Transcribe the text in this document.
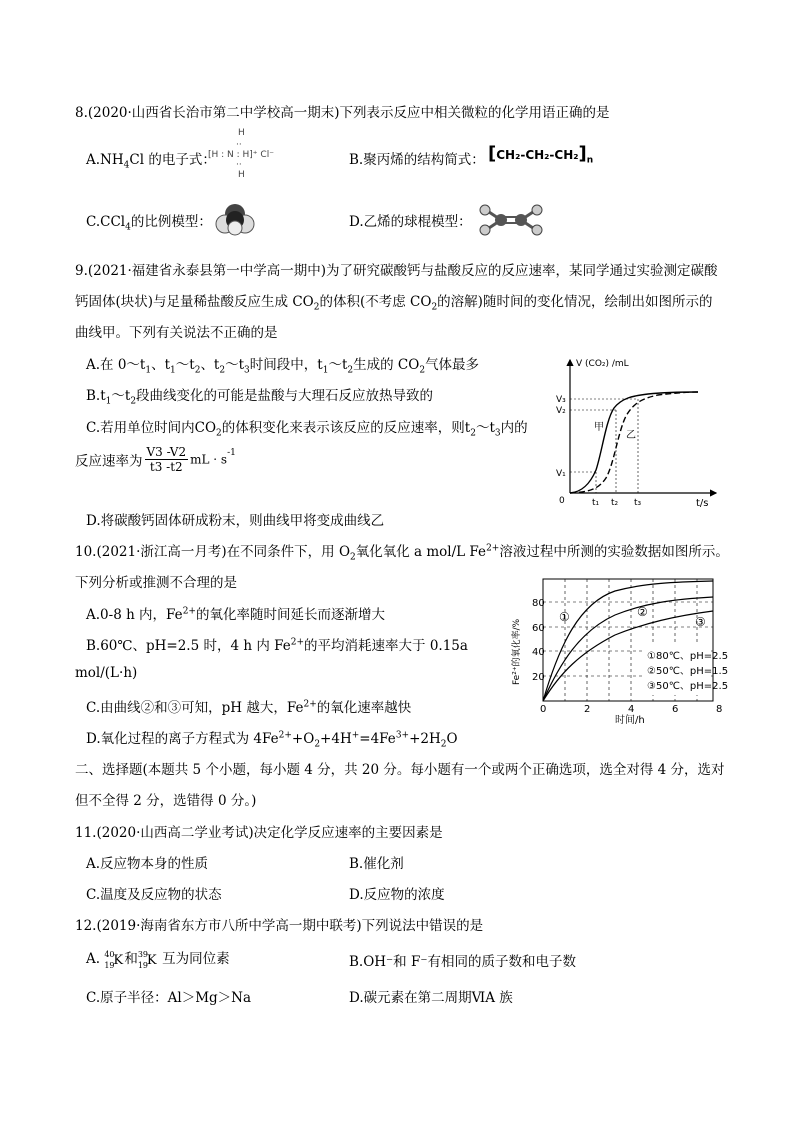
8.(2020·山西省长治市第二中学校高一期末)下列表示反应中相关微粒的化学用语正确的是
$A.NH_4Cl$ 的电子式：
H
··
[H : N : H]⁺ Cl⁻
··
H
B.聚丙烯的结构简式： $[CH_2-CH_2-CH_2]_n$
C.CCl$_4$的比例模型：	D.乙烯的球棍模型：
9.(2021·福建省永泰县第一中学高一期中)为了研究碳酸钙与盐酸反应的反应速率，某同学通过实验测定碳酸
钙固体(块状)与足量稀盐酸反应生成 $CO_2$的体积(不考虑 $CO_2$的溶解)随时间的变化情况，绘制出如图所示的
曲线甲。下列有关说法不正确的是
A.在 $0\sim t_1$、$t_1\sim t_2$、$t_2\sim t_3$时间段中，$t_1\sim t_2$生成的 $CO_2$气体最多
$B.t_1\sim t_2$段曲线变化的可能是盐酸与大理石反应放热导致的
C.若用单位时间内$CO_2$的体积变化来表示该反应的反应速率，则$t_2\sim t_3$内的
反应速率为 $\frac{V3 -V2}{t3 -t2}$ mL · $s^{-1}$
D.将碳酸钙固体研成粉末，则曲线甲将变成曲线乙
V (CO₂) /mL
t/s
0
V₃
V₂
V₁
t₁ t₂ t₃
甲
乙
10.(2021·浙江高一月考)在不同条件下，用 $O_2$氧化氧化 a mol/L $Fe^{2+}$溶液过程中所测的实验数据如图所示。
下列分析或推测不合理的是
A.0-8 h 内，$Fe^{2+}$的氧化率随时间延长而逐渐增大
B.60℃、pH=2.5 时，4 h 内 $Fe^{2+}$的平均消耗速率大于 0.15a
mol/(L·h)
C.由曲线②和③可知，pH 越大，$Fe^{2+}$的氧化速率越快
D.氧化过程的离子方程式为 $4Fe^{2+}+O_2+4H^+=4Fe^{3+}+2H_2O$
20
40
60
80
0	2	4	6	8
时间/h
Fe²⁺的氧化率/%
①	②
③
①80℃、pH=2.5
②50℃、pH=1.5
③50℃、pH=2.5
二、选择题(本题共 5 个小题，每小题 4 分，共 20 分。每小题有一个或两个正确选项，选全对得 4 分，选对
但不全得 2 分，选错得 0 分。)
11.(2020·山西高二学业考试)决定化学反应速率的主要因素是
A.反应物本身的性质	B.催化剂
C.温度及反应物的状态	D.反应物的浓度
12.(2019·海南省东方市八所中学高一期中联考)下列说法中错误的是
A. 40
19
K 和 39
19
K 互为同位素	B.OH⁻和 F⁻有相同的质子数和电子数
C.原子半径：Al＞Mg＞Na	D.碳元素在第二周期ⅥA 族
